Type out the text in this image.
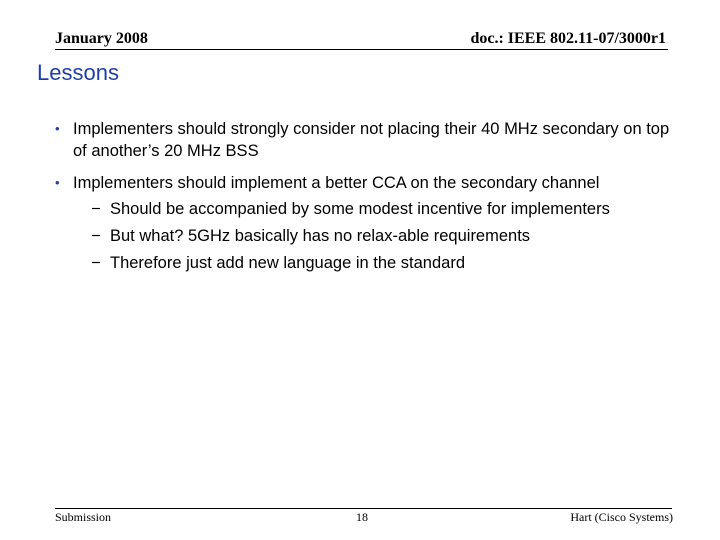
January 2008	doc.: IEEE 802.11-07/3000r1
Lessons
• Implementers should strongly consider not placing their 40 MHz secondary on top of another’s 20 MHz BSS
• Implementers should implement a better CCA on the secondary channel
− Should be accompanied by some modest incentive for implementers
− But what? 5GHz basically has no relax-able requirements
− Therefore just add new language in the standard
Submission	18	Hart (Cisco Systems)
